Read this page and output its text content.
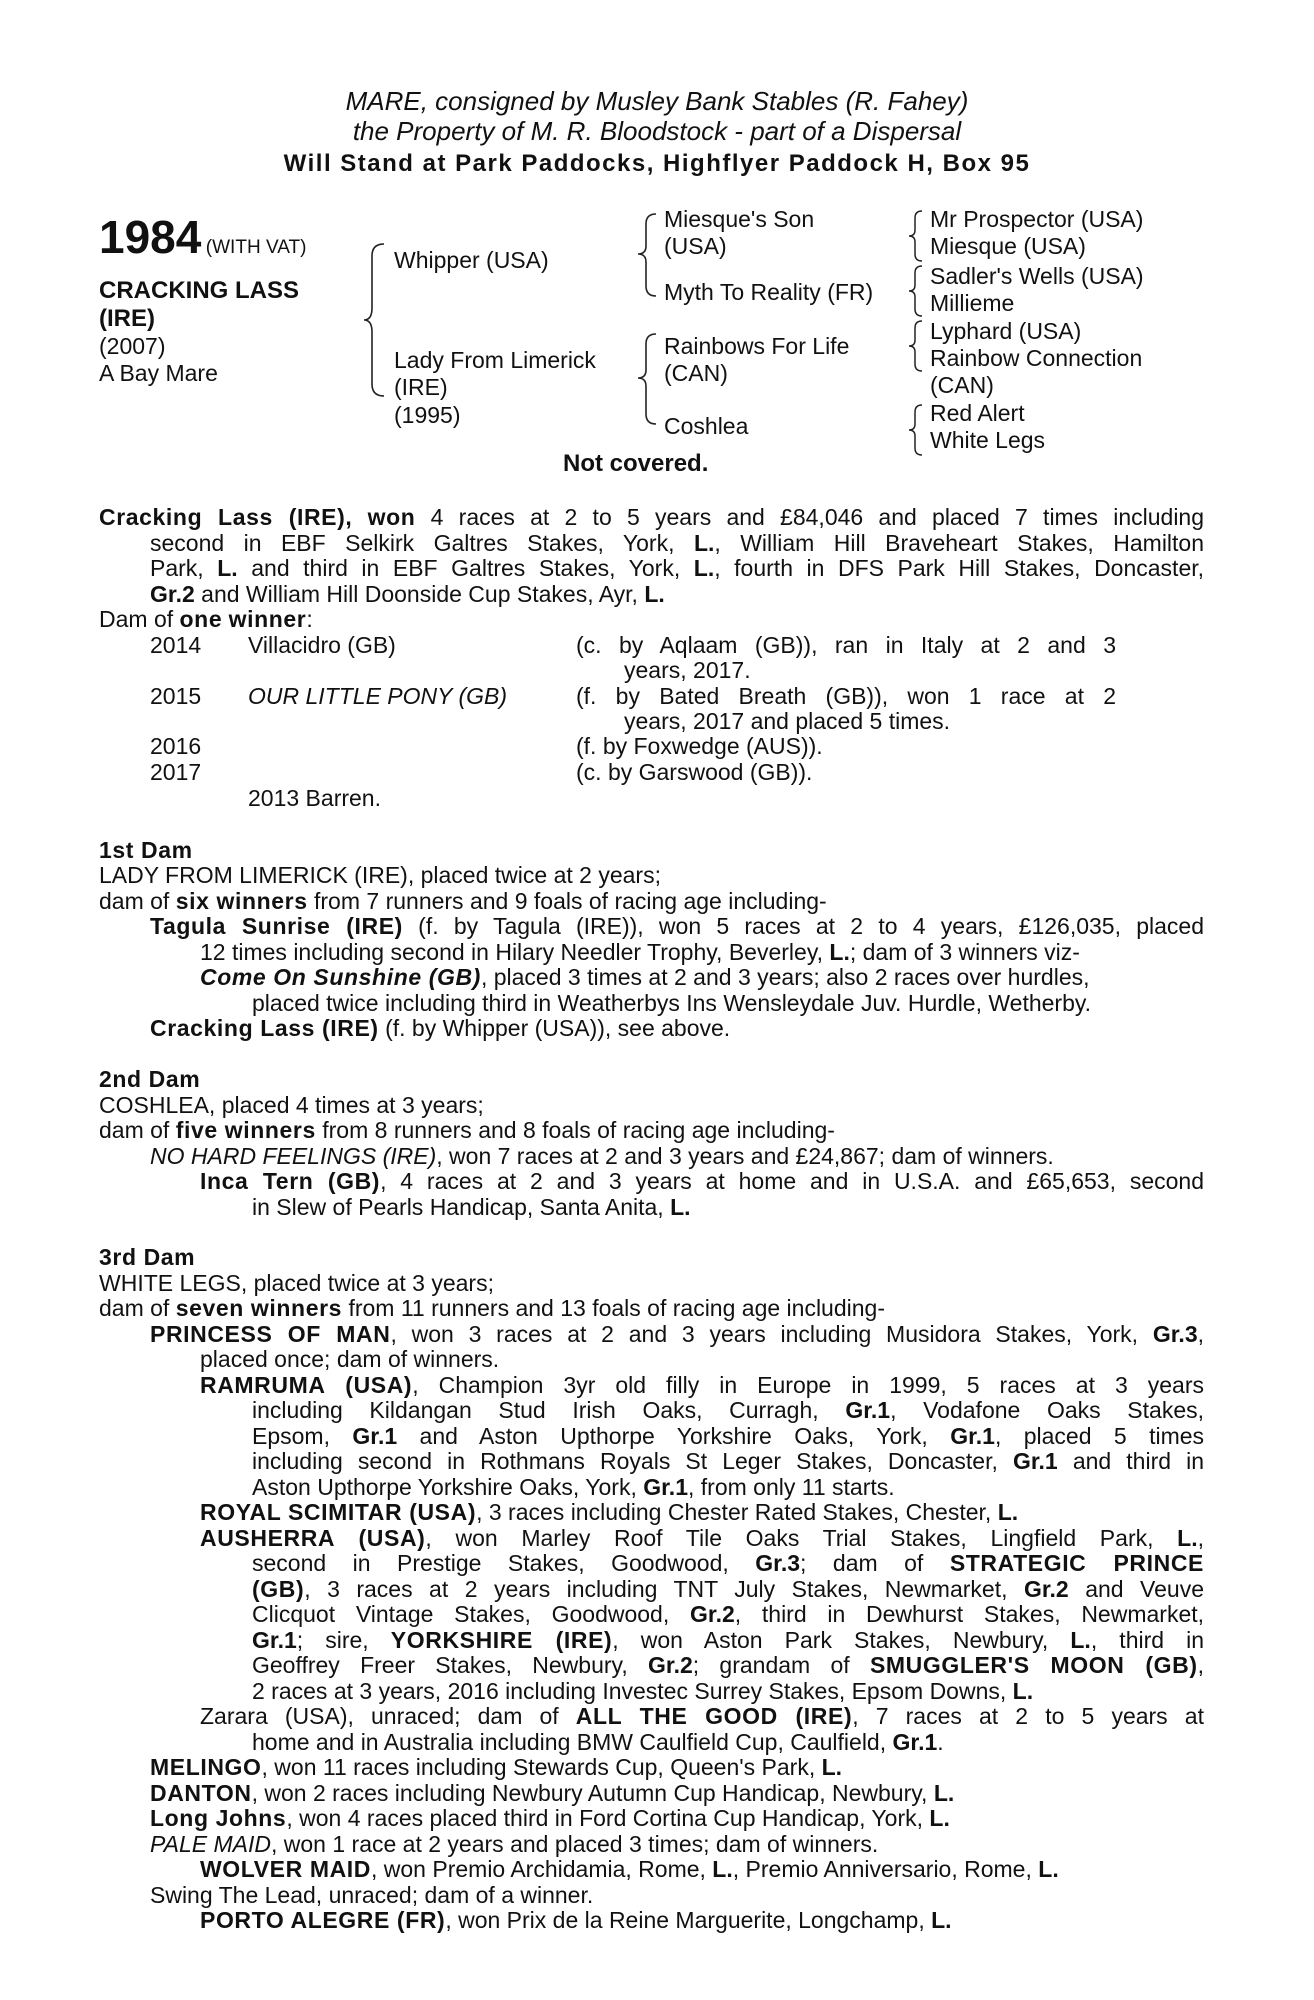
MARE, consigned by Musley Bank Stables (R. Fahey)
the Property of M. R. Bloodstock - part of a Dispersal
Will Stand at Park Paddocks, Highflyer Paddock H, Box 95
1984 (WITH VAT)
CRACKING LASS
(IRE)
(2007)
A Bay Mare
Whipper (USA)
Lady From Limerick
(IRE)
(1995)
Miesque's Son
(USA)
Myth To Reality (FR)
Rainbows For Life
(CAN)
Coshlea
Mr Prospector (USA)
Miesque (USA)
Sadler's Wells (USA)
Millieme
Lyphard (USA)
Rainbow Connection
(CAN)
Red Alert
White Legs
Not covered.
Cracking Lass (IRE), won 4 races at 2 to 5 years and £84,046 and placed 7 times including
second in EBF Selkirk Galtres Stakes, York, L., William Hill Braveheart Stakes, Hamilton
Park, L. and third in EBF Galtres Stakes, York, L., fourth in DFS Park Hill Stakes, Doncaster,
Gr.2 and William Hill Doonside Cup Stakes, Ayr, L.
Dam of one winner:
2014 Villacidro (GB)	(c. by Aqlaam (GB)), ran in Italy at 2 and 3
years, 2017.
2015 OUR LITTLE PONY (GB)	(f. by Bated Breath (GB)), won 1 race at 2
years, 2017 and placed 5 times.
2016	(f. by Foxwedge (AUS)).
2017	(c. by Garswood (GB)).
2013 Barren.
1st Dam
LADY FROM LIMERICK (IRE), placed twice at 2 years;
dam of six winners from 7 runners and 9 foals of racing age including-
Tagula Sunrise (IRE) (f. by Tagula (IRE)), won 5 races at 2 to 4 years, £126,035, placed
12 times including second in Hilary Needler Trophy, Beverley, L.; dam of 3 winners viz-
Come On Sunshine (GB), placed 3 times at 2 and 3 years; also 2 races over hurdles,
placed twice including third in Weatherbys Ins Wensleydale Juv. Hurdle, Wetherby.
Cracking Lass (IRE) (f. by Whipper (USA)), see above.
2nd Dam
COSHLEA, placed 4 times at 3 years;
dam of five winners from 8 runners and 8 foals of racing age including-
NO HARD FEELINGS (IRE), won 7 races at 2 and 3 years and £24,867; dam of winners.
Inca Tern (GB), 4 races at 2 and 3 years at home and in U.S.A. and £65,653, second
in Slew of Pearls Handicap, Santa Anita, L.
3rd Dam
WHITE LEGS, placed twice at 3 years;
dam of seven winners from 11 runners and 13 foals of racing age including-
PRINCESS OF MAN, won 3 races at 2 and 3 years including Musidora Stakes, York, Gr.3,
placed once; dam of winners.
RAMRUMA (USA), Champion 3yr old filly in Europe in 1999, 5 races at 3 years
including Kildangan Stud Irish Oaks, Curragh, Gr.1, Vodafone Oaks Stakes,
Epsom, Gr.1 and Aston Upthorpe Yorkshire Oaks, York, Gr.1, placed 5 times
including second in Rothmans Royals St Leger Stakes, Doncaster, Gr.1 and third in
Aston Upthorpe Yorkshire Oaks, York, Gr.1, from only 11 starts.
ROYAL SCIMITAR (USA), 3 races including Chester Rated Stakes, Chester, L.
AUSHERRA (USA), won Marley Roof Tile Oaks Trial Stakes, Lingfield Park, L.,
second in Prestige Stakes, Goodwood, Gr.3; dam of STRATEGIC PRINCE
(GB), 3 races at 2 years including TNT July Stakes, Newmarket, Gr.2 and Veuve
Clicquot Vintage Stakes, Goodwood, Gr.2, third in Dewhurst Stakes, Newmarket,
Gr.1; sire, YORKSHIRE (IRE), won Aston Park Stakes, Newbury, L., third in
Geoffrey Freer Stakes, Newbury, Gr.2; grandam of SMUGGLER'S MOON (GB),
2 races at 3 years, 2016 including Investec Surrey Stakes, Epsom Downs, L.
Zarara (USA), unraced; dam of ALL THE GOOD (IRE), 7 races at 2 to 5 years at
home and in Australia including BMW Caulfield Cup, Caulfield, Gr.1.
MELINGO, won 11 races including Stewards Cup, Queen's Park, L.
DANTON, won 2 races including Newbury Autumn Cup Handicap, Newbury, L.
Long Johns, won 4 races placed third in Ford Cortina Cup Handicap, York, L.
PALE MAID, won 1 race at 2 years and placed 3 times; dam of winners.
WOLVER MAID, won Premio Archidamia, Rome, L., Premio Anniversario, Rome, L.
Swing The Lead, unraced; dam of a winner.
PORTO ALEGRE (FR), won Prix de la Reine Marguerite, Longchamp, L.
